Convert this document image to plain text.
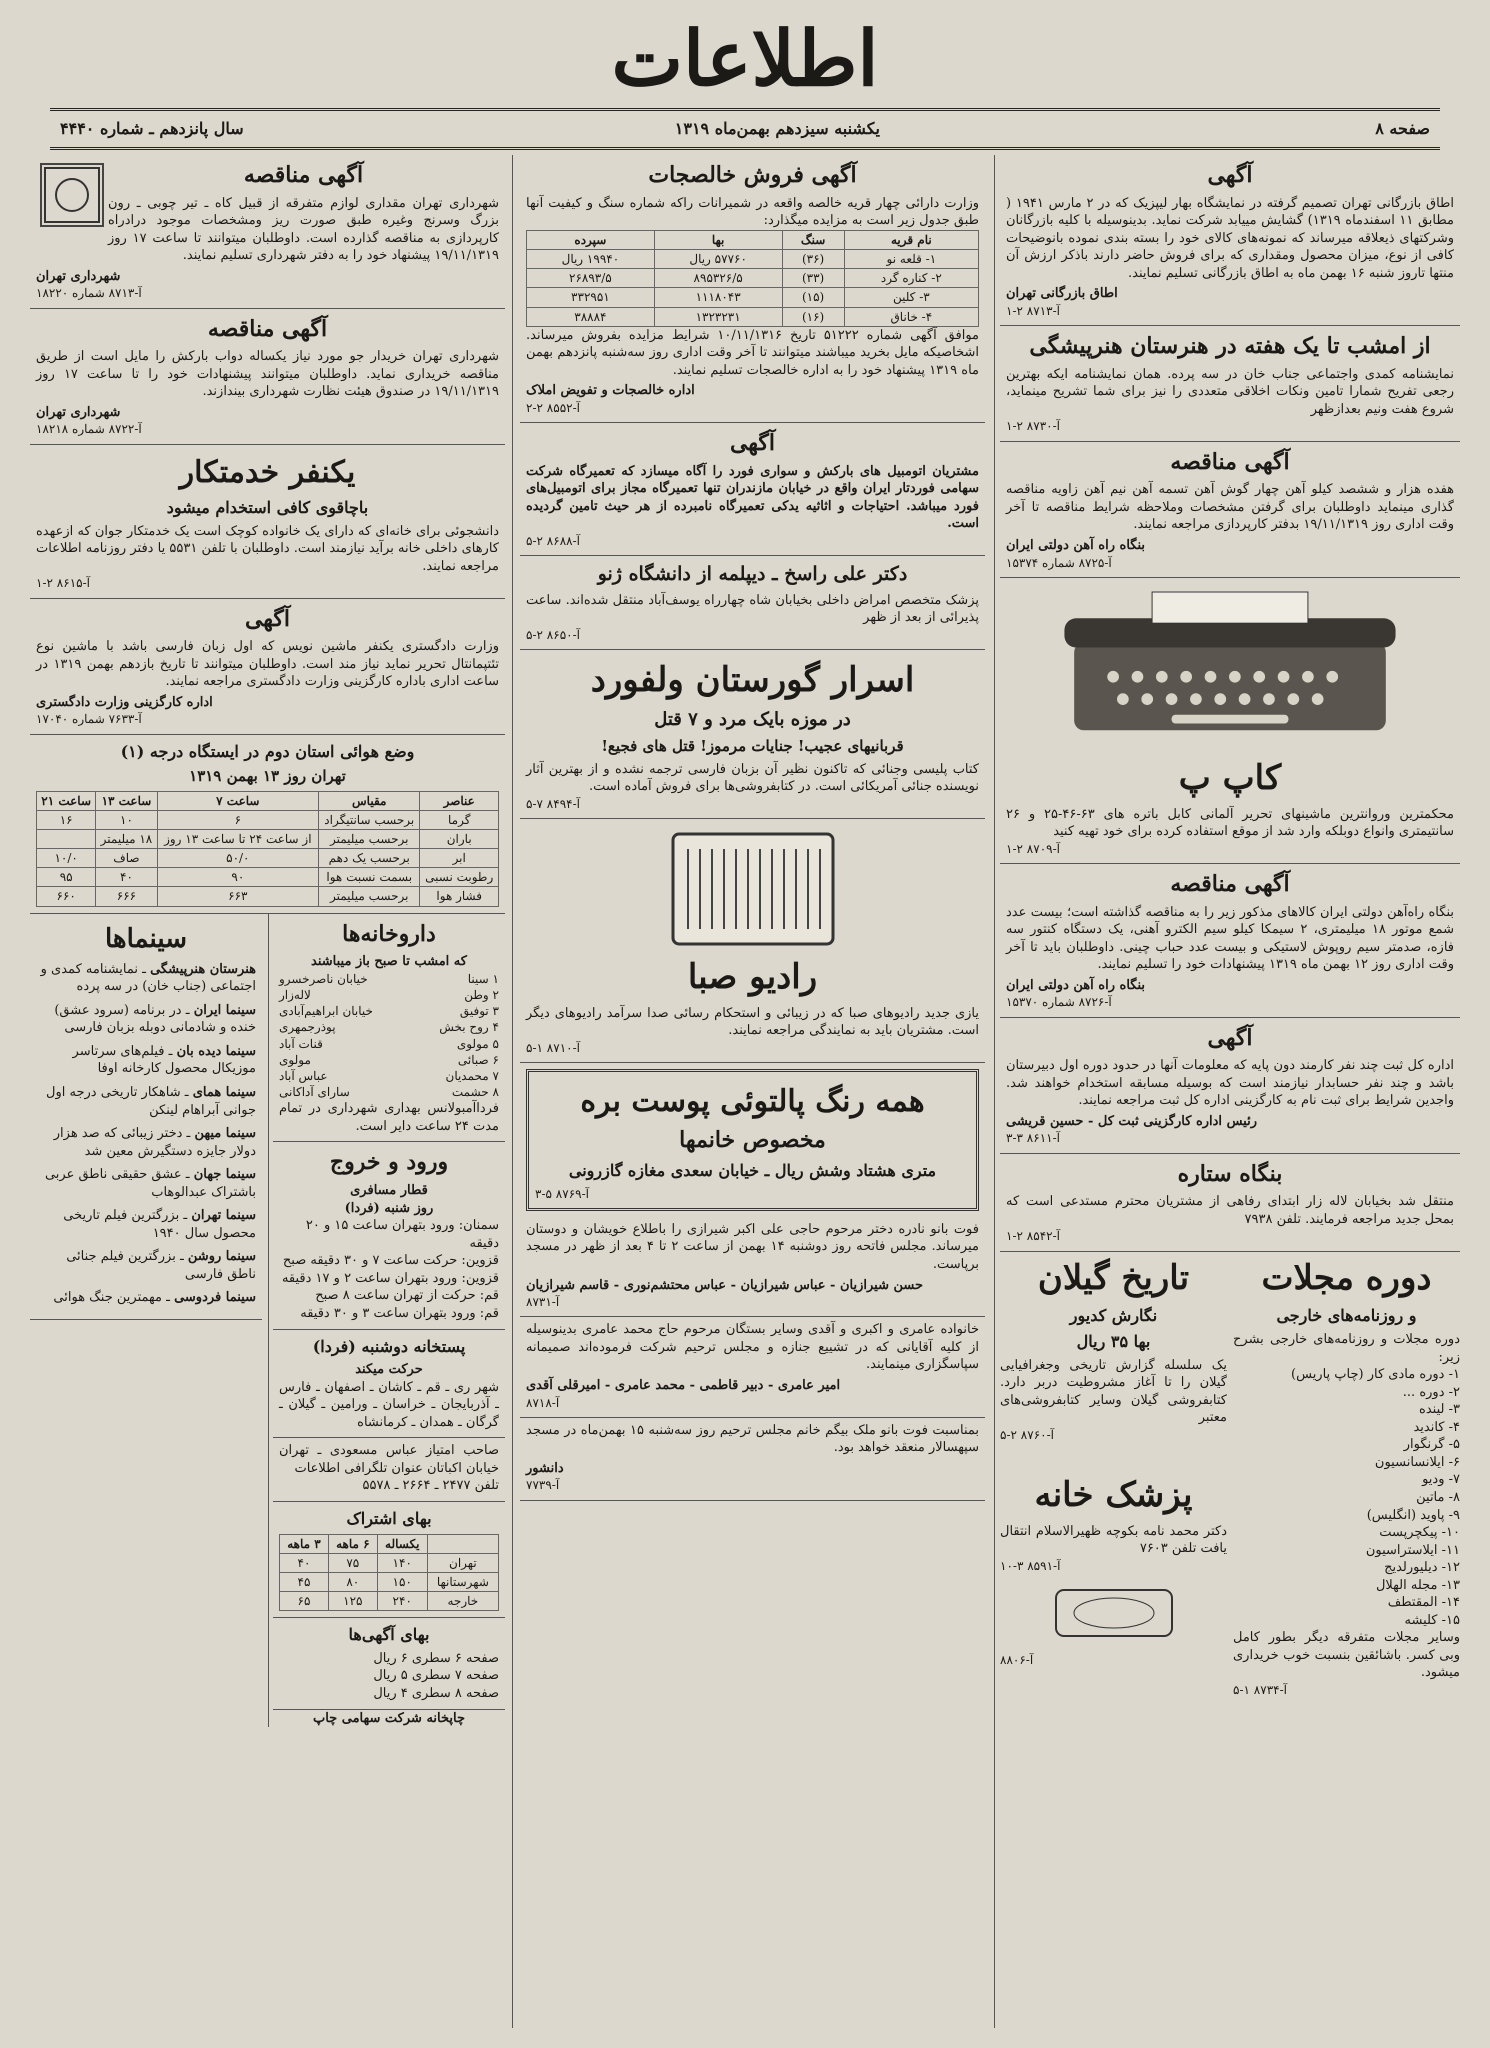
اطلاعات
صفحه ۸
یکشنبه سیزدهم بهمن‌ماه ۱۳۱۹
سال پانزدهم ـ شماره ۴۴۴۰
آگهی

اطاق بازرگانی تهران تصمیم گرفته در نمایشگاه بهار لیپزیک که در ۲ مارس ۱۹۴۱ ( مطابق ۱۱ اسفندماه ۱۳۱۹) گشایش مییابد شرکت نماید. بدینوسیله با کلیه بازرگانان وشرکتهای ذیعلاقه میرساند که نمونه‌های کالای خود را بسته بندی نموده بانوضیحات کافی از نوع، میزان محصول ومقداری که برای فروش حاضر دارند باذکر ارزش آن منتها تاروز شنبه ۱۶ بهمن ماه به اطاق بازرگانی تسلیم نمایند.

اطاق بازرگانی تهران
آ-۸۷۱۳ ۲-۱
از امشب تا یک هفته در هنرستان هنرپیشگی

نمایشنامه کمدی واجتماعی جناب خان در سه پرده. همان نمایشنامه ایکه بهترین رجعی تفریح شمارا تامین ونکات اخلاقی متعددی را نیز برای شما تشریح مینماید، شروع هفت ونیم بعدازظهر

آ-۸۷۳۰ ۲-۱
آگهی مناقصه

هفده هزار و ششصد کیلو آهن چهار گوش آهن تسمه آهن نیم آهن زاویه مناقصه گذاری مینماید داوطلبان برای گرفتن مشخصات وملاحظه شرایط مناقصه تا آخر وقت اداری روز ۱۹/۱۱/۱۳۱۹ بدفتر کارپردازی مراجعه نمایند.

بنگاه راه آهن دولتی ایران
آ-۸۷۲۵ شماره ۱۵۳۷۴
کاپ پ

محکمترین وروانترین ماشینهای تحریر آلمانی کابل باتره های ۶۳-۴۶-۲۵ و ۲۶ سانتیمتری وانواع دوبلکه وارد شد از موقع استفاده کرده برای خود تهیه کنید

آ-۸۷۰۹ ۲-۱
آگهی مناقصه

بنگاه راه‌آهن دولتی ایران کالاهای مذکور زیر را به مناقصه گذاشته است؛ بیست عدد شمع موتور ۱۸ میلیمتری، ۲ سیمکا کیلو سیم الکترو آهنی، یک دستگاه کنتور سه فازه، صدمتر سیم روپوش لاستیکی و بیست عدد حباب چینی. داوطلبان باید تا آخر وقت اداری روز ۱۲ بهمن ماه ۱۳۱۹ پیشنهادات خود را تسلیم نمایند.

بنگاه راه آهن دولتی ایران
آ-۸۷۲۶ شماره ۱۵۳۷۰
آگهی

اداره کل ثبت چند نفر کارمند دون پایه که معلومات آنها در حدود دوره اول دبیرستان باشد و چند نفر حسابدار نیازمند است که بوسیله مسابقه استخدام خواهند شد. واجدین شرایط برای ثبت نام به کارگزینی اداره کل ثبت مراجعه نمایند.

رئیس اداره کارگزینی ثبت کل - حسین قریشی
آ-۸۶۱۱ ۳-۳
بنگاه ستاره

منتقل شد بخیابان لاله زار ابتدای رفاهی از مشتریان محترم مستدعی است که بمحل جدید مراجعه فرمایند. تلفن ۷۹۳۸

آ-۸۵۴۲ ۲-۱
دوره مجلات
و روزنامه‌های خارجی

دوره مجلات و روزنامه‌های خارجی بشرح زیر:

۱- دوره مادی کار (چاپ پاریس)
۲- دوره ...
۳- لینده
۴- کاندید
۵- گرنگوار
۶- ایلانسانسیون
۷- ودیو
۸- ماتین
۹- پاوید (انگلیس)
۱۰- پیکچرپست
۱۱- ایلاستراسیون
۱۲- دیلیورلدیج
۱۳- مجله الهلال
۱۴- المقتطف
۱۵- کلیشه

وسایر مجلات متفرقه دیگر بطور کامل وبی کسر. باشائقین بنسبت خوب خریداری میشود.

آ-۸۷۳۴ ۱-۵
تاریخ گیلان
نگارش کدیور
بها ۳۵ ریال

یک سلسله گزارش تاریخی وجغرافیایی گیلان را تا آغاز مشروطیت دربر دارد. کتابفروشی گیلان وسایر کتابفروشی‌های معتبر

آ-۸۷۶۰ ۲-۵
پزشک خانه

دکتر محمد نامه بکوچه ظهیرالاسلام انتقال یافت تلفن ۷۶۰۳

آ-۸۵۹۱ ۳-۱۰
آ-۸۸۰۶
آگهی فروش خالصجات

وزارت دارائی چهار قریه خالصه واقعه در شمیرانات راکه شماره سنگ و کیفیت آنها طبق جدول زیر است به مزایده میگذارد:

نام قریه	سنگ	بها	سپرده
۱- قلعه نو	(۳۶)	۵۷۷۶۰ ریال	۱۹۹۴۰ ریال
۲- کناره گرد	(۳۳)	۸۹۵۳۲۶/۵	۲۶۸۹۳/۵
۳- کلین	(۱۵)	۱۱۱۸۰۴۳	۳۳۲۹۵۱
۴- خاناق	(۱۶)	۱۳۲۳۲۳۱	۳۸۸۸۴

موافق آگهی شماره ۵۱۲۲۲ تاریخ ۱۰/۱۱/۱۳۱۶ شرایط مزایده بفروش میرساند. اشخاصیکه مایل بخرید میباشند میتوانند تا آخر وقت اداری روز سه‌شنبه پانزدهم بهمن ماه ۱۳۱۹ پیشنهاد خود را به اداره خالصجات تسلیم نمایند.

اداره خالصجات و تفویض املاک
آ-۸۵۵۲ ۲-۲
آگهی

مشتریان اتومبیل های بارکش و سواری فورد را آگاه میسازد که تعمیرگاه شرکت سهامی فوردتار ایران واقع در خیابان مازندران تنها تعمیرگاه مجاز برای اتومبیل‌های فورد میباشد. احتیاجات و اثاثیه یدکی تعمیرگاه نامبرده از هر حیث تامین گردیده است.

آ-۸۶۸۸ ۲-۵
دکتر علی راسخ ـ دیپلمه از دانشگاه ژنو

پزشک متخصص امراض داخلی بخیابان شاه چهارراه یوسف‌آباد منتقل شده‌اند. ساعت پذیرائی از بعد از ظهر

آ-۸۶۵۰ ۲-۵
اسرار گورستان ولفورد
در موزه بایک مرد و ۷ قتل
قربانیهای عجیب! جنایات مرموز! قتل های فجیع!

کتاب پلیسی وجنائی که تاکنون نظیر آن بزبان فارسی ترجمه نشده و از بهترین آثار نویسنده جنائی آمریکائی است. در کتابفروشی‌ها برای فروش آماده است.

آ-۸۴۹۴ ۷-۵
رادیو صبا

یازی جدید رادیوهای صبا که در زیبائی و استحکام رسائی صدا سرآمد رادیوهای دیگر است. مشتریان باید به نمایندگی مراجعه نمایند.

آ-۸۷۱۰ ۱-۵
همه رنگ پالتوئی پوست بره
مخصوص خانمها
متری هشتاد وشش ریال ـ خیابان سعدی مغازه گازرونی
آ-۸۷۶۹ ۵-۳

فوت بانو نادره دختر مرحوم حاجی علی اکبر شیرازی را باطلاع خویشان و دوستان میرساند. مجلس فاتحه روز دوشنبه ۱۴ بهمن از ساعت ۲ تا ۴ بعد از ظهر در مسجد برپاست.

حسن شیرازیان - عباس شیرازیان - عباس محتشم‌نوری - قاسم شیرازیان
آ-۸۷۳۱

خانواده عامری و اکبری و آقدی وسایر بستگان مرحوم حاج محمد عامری بدینوسیله از کلیه آقایانی که در تشییع جنازه و مجلس ترحیم شرکت فرموده‌اند صمیمانه سپاسگزاری مینمایند.

امیر عامری - دبیر قاطمی - محمد عامری - امیرقلی آقدی
آ-۸۷۱۸

بمناسبت فوت بانو ملک بیگم خانم مجلس ترحیم روز سه‌شنبه ۱۵ بهمن‌ماه در مسجد سپهسالار منعقد خواهد بود.

دانشور
آ-۷۷۳۹
آگهی مناقصه

شهرداری تهران مقداری لوازم متفرقه از قبیل کاه ـ تیر چوبی ـ رون بزرگ وسرنج وغیره طبق صورت ریز ومشخصات موجود درادراه کارپردازی به مناقصه گذارده است. داوطلبان میتوانند تا ساعت ۱۷ روز ۱۹/۱۱/۱۳۱۹ پیشنهاد خود را به دفتر شهرداری تسلیم نمایند.

شهرداری تهران
آ-۸۷۱۳ شماره ۱۸۲۲۰
آگهی مناقصه

شهرداری تهران خریدار جو مورد نیاز یکساله دواب بارکش را مایل است از طریق مناقصه خریداری نماید. داوطلبان میتوانند پیشنهادات خود را تا ساعت ۱۷ روز ۱۹/۱۱/۱۳۱۹ در صندوق هیئت نظارت شهرداری بیندازند.

شهرداری تهران
آ-۸۷۲۲ شماره ۱۸۲۱۸
یکنفر خدمتکار
باچاقوی کافی استخدام میشود

دانشجوئی برای خانه‌ای که دارای یک خانواده کوچک است یک خدمتکار جوان که ازعهده کارهای داخلی خانه برآید نیازمند است. داوطلبان با تلفن ۵۵۳۱ یا دفتر روزنامه اطلاعات مراجعه نمایند.

آ-۸۶۱۵ ۲-۱
آگهی

وزارت دادگستری یکنفر ماشین نویس که اول زبان فارسی باشد با ماشین نوع تئتپمانتال تحریر نماید نیاز مند است. داوطلبان میتوانند تا تاریخ بازدهم بهمن ۱۳۱۹ در ساعت اداری باداره کارگزینی وزارت دادگستری مراجعه نمایند.

اداره کارگزینی وزارت دادگستری
آ-۷۶۳۳ شماره ۱۷۰۴۰
وضع هوائی استان دوم در ایستگاه درجه (۱)
تهران روز ۱۳ بهمن ۱۳۱۹
عناصر	مقیاس	ساعت ۷	ساعت ۱۳	ساعت ۲۱
گرما	برحسب سانتیگراد	۶	۱۰	۱۶
باران	برحسب میلیمتر	از ساعت ۲۴ تا ساعت ۱۳ روز	۱۸ میلیمتر	
ابر	برحسب یک دهم	۵۰/۰	صاف	۱۰/۰
رطوبت نسبی	بسمت نسبت هوا	۹۰	۴۰	۹۵
فشار هوا	برحسب میلیمتر	۶۶۳	۶۶۶	۶۶۰
داروخانه‌ها
که امشب تا صبح باز میباشند
۱ سینا
خیابان ناصرخسرو
۲ وطن
لاله‌زار
۳ توفیق
خیابان ابراهیم‌آبادی
۴ روح بخش
پوذرجمهری
۵ مولوی
قنات آباد
۶ صبائی
مولوی
۷ محمدیان
عباس آباد
۸ حشمت
سارای آداکانی

فرداآمبولانس بهداری شهرداری در تمام مدت ۲۴ ساعت دایر است.

ورود و خروج
قطار مسافری
روز شنبه (فردا)
سمنان: ورود بتهران ساعت ۱۵ و ۲۰ دقیقه
قزوین: حرکت ساعت ۷ و ۳۰ دقیقه صبح
قزوین: ورود بتهران ساعت ۲ و ۱۷ دقیقه
قم: حرکت از تهران ساعت ۸ صبح
قم: ورود بتهران ساعت ۳ و ۳۰ دقیقه
پستخانه دوشنبه (فردا)
حرکت میکند

شهر ری ـ قم ـ کاشان ـ اصفهان ـ فارس ـ آذربایجان ـ خراسان ـ ورامین ـ گیلان ـ گرگان ـ همدان ـ کرمانشاه

صاحب امتیاز عباس مسعودی ـ تهران خیابان اکباتان عنوان تلگرافی اطلاعات

تلفن ۲۴۷۷ ـ ۲۶۶۴ ـ ۵۵۷۸
بهای اشتراک
	یکساله	۶ ماهه	۳ ماهه
تهران	۱۴۰	۷۵	۴۰
شهرستانها	۱۵۰	۸۰	۴۵
خارجه	۲۴۰	۱۲۵	۶۵
بهای آگهی‌ها
صفحه ۶ سطری ۶ ریال
صفحه ۷ سطری ۵ ریال
صفحه ۸ سطری ۴ ریال
چاپخانه شرکت سهامی چاپ
سینماها
هنرستان هنرپیشگی ـ نمایشنامه کمدی و اجتماعی (جناب خان) در سه پرده
سینما ایران ـ در برنامه (سرود عشق) خنده و شادمانی دوبله بزبان فارسی
سینما دیده بان ـ فیلم‌های سرتاسر موزیکال محصول کارخانه اوفا
سینما همای ـ شاهکار تاریخی درجه اول جوانی آبراهام لینکن
سینما میهن ـ دختر زیبائی که صد هزار دولار جایزه دستگیرش معین شد
سینما جهان ـ عشق حقیقی ناطق عربی باشتراک عبدالوهاب
سینما تهران ـ بزرگترین فیلم تاریخی محصول سال ۱۹۴۰
سینما روشن ـ بزرگترین فیلم جنائی ناطق فارسی
سینما فردوسی ـ مهمترین جنگ هوائی
